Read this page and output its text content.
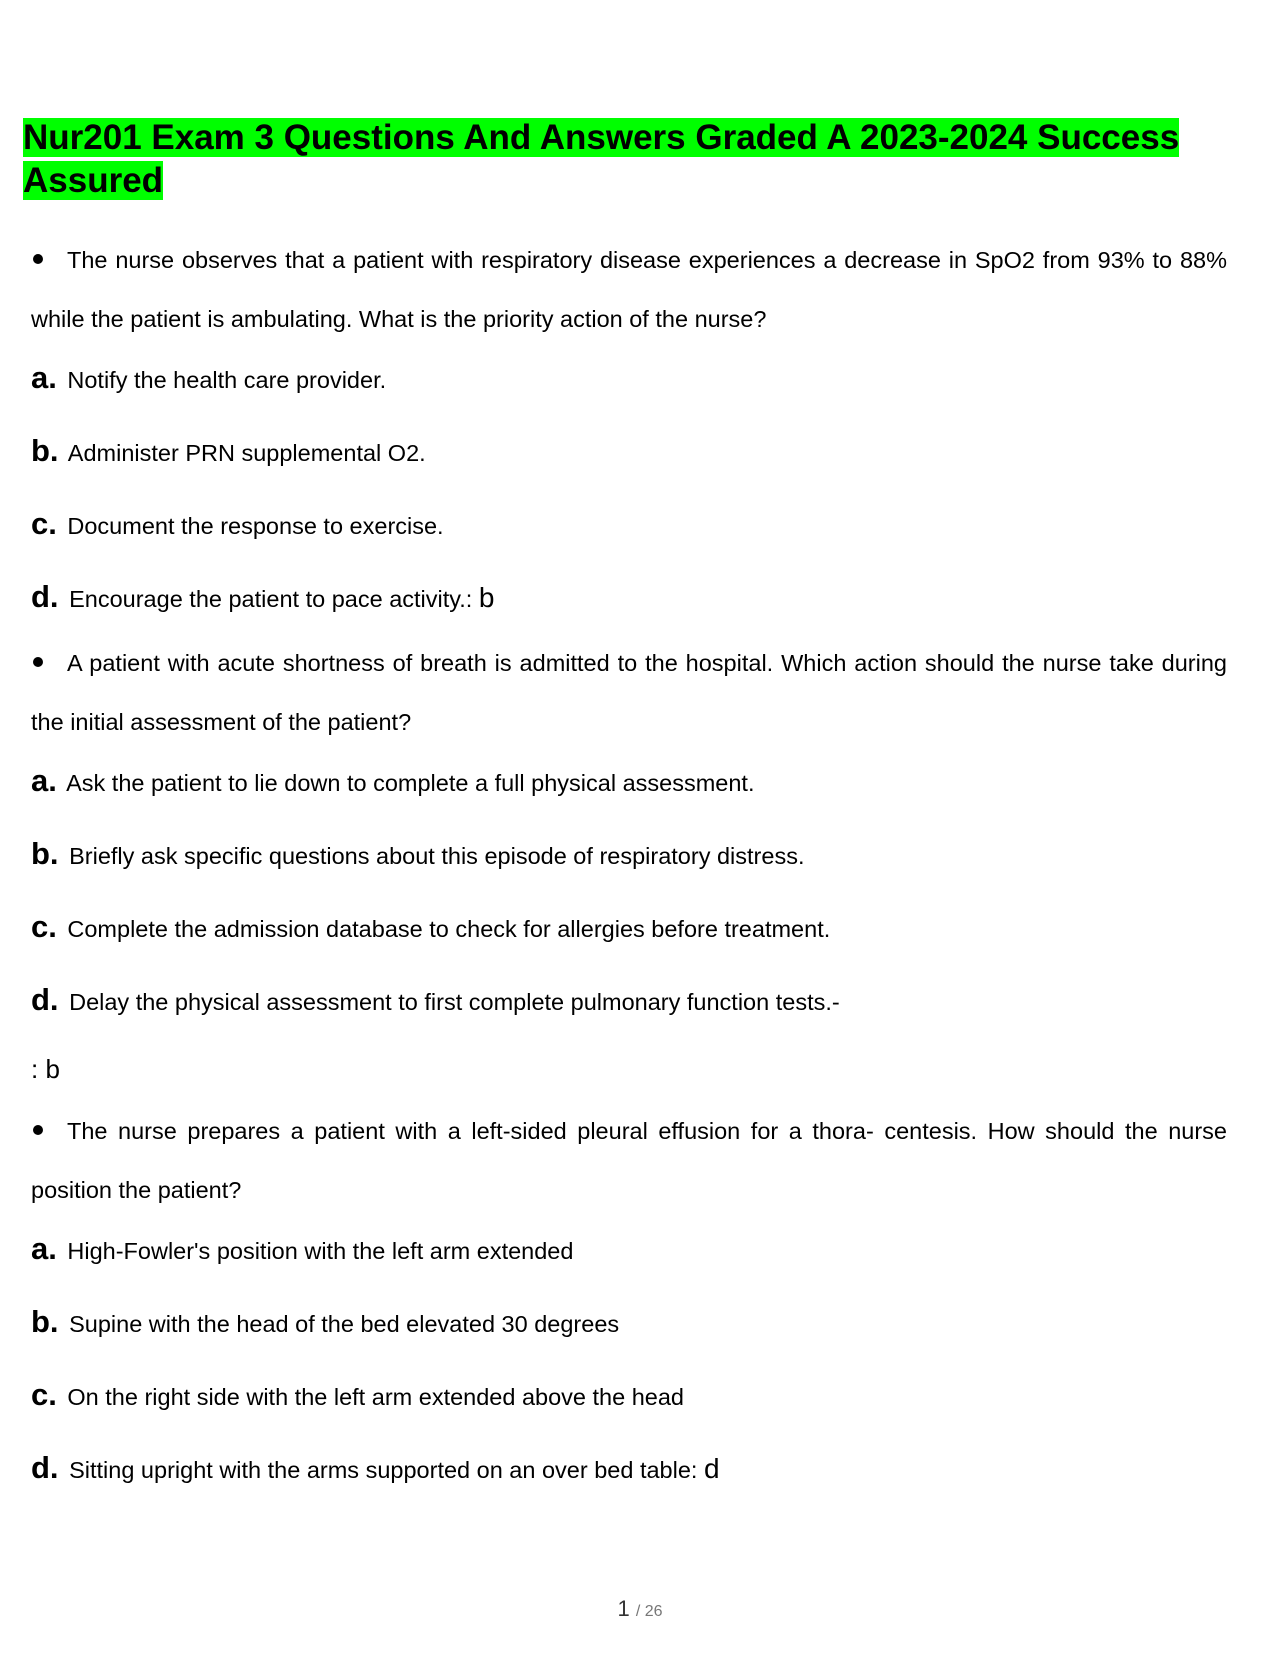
Nur201 Exam 3 Questions And Answers Graded A 2023-2024 Success Assured

The nurse observes that a patient with respiratory disease experiences a decrease in SpO2 from 93% to 88% while the patient is ambulating. What is the priority action of the nurse?

a. Notify the health care provider.

b. Administer PRN supplemental O2.

c. Document the response to exercise.

d. Encourage the patient to pace activity.: b

A patient with acute shortness of breath is admitted to the hospital. Which action should the nurse take during the initial assessment of the patient?

a. Ask the patient to lie down to complete a full physical assessment.

b. Briefly ask specific questions about this episode of respiratory distress.

c. Complete the admission database to check for allergies before treatment.

d. Delay the physical assessment to first complete pulmonary function tests.-

: b

The nurse prepares a patient with a left-sided pleural effusion for a thora- centesis. How should the nurse position the patient?

a. High-Fowler's position with the left arm extended

b. Supine with the head of the bed elevated 30 degrees

c. On the right side with the left arm extended above the head

d. Sitting upright with the arms supported on an over bed table: d

1 / 26
